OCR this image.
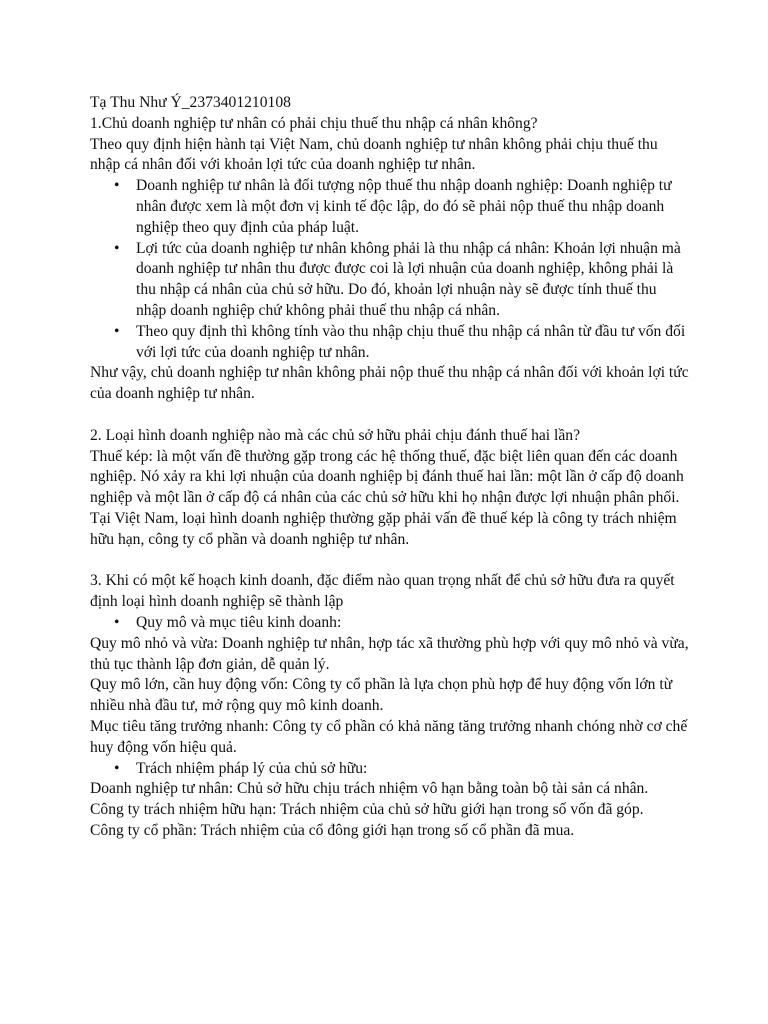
Tạ Thu Như Ý_2373401210108

1.Chủ doanh nghiệp tư nhân có phải chịu thuế thu nhập cá nhân không?

Theo quy định hiện hành tại Việt Nam, chủ doanh nghiệp tư nhân không phải chịu thuế thu nhập cá nhân đối với khoản lợi tức của doanh nghiệp tư nhân.

• Doanh nghiệp tư nhân là đối tượng nộp thuế thu nhập doanh nghiệp: Doanh nghiệp tư nhân được xem là một đơn vị kinh tế độc lập, do đó sẽ phải nộp thuế thu nhập doanh nghiệp theo quy định của pháp luật.
• Lợi tức của doanh nghiệp tư nhân không phải là thu nhập cá nhân: Khoản lợi nhuận mà doanh nghiệp tư nhân thu được được coi là lợi nhuận của doanh nghiệp, không phải là thu nhập cá nhân của chủ sở hữu. Do đó, khoản lợi nhuận này sẽ được tính thuế thu nhập doanh nghiệp chứ không phải thuế thu nhập cá nhân.
• Theo quy định thì không tính vào thu nhập chịu thuế thu nhập cá nhân từ đầu tư vốn đối với lợi tức của doanh nghiệp tư nhân.

Như vậy, chủ doanh nghiệp tư nhân không phải nộp thuế thu nhập cá nhân đối với khoản lợi tức của doanh nghiệp tư nhân.

2. Loại hình doanh nghiệp nào mà các chủ sở hữu phải chịu đánh thuế hai lần?

Thuế kép: là một vấn đề thường gặp trong các hệ thống thuế, đặc biệt liên quan đến các doanh nghiệp. Nó xảy ra khi lợi nhuận của doanh nghiệp bị đánh thuế hai lần: một lần ở cấp độ doanh nghiệp và một lần ở cấp độ cá nhân của các chủ sở hữu khi họ nhận được lợi nhuận phân phối.

Tại Việt Nam, loại hình doanh nghiệp thường gặp phải vấn đề thuế kép là công ty trách nhiệm hữu hạn, công ty cổ phần và doanh nghiệp tư nhân.

3. Khi có một kế hoạch kinh doanh, đặc điểm nào quan trọng nhất để chủ sở hữu đưa ra quyết định loại hình doanh nghiệp sẽ thành lập

• Quy mô và mục tiêu kinh doanh:

Quy mô nhỏ và vừa: Doanh nghiệp tư nhân, hợp tác xã thường phù hợp với quy mô nhỏ và vừa, thủ tục thành lập đơn giản, dễ quản lý.

Quy mô lớn, cần huy động vốn: Công ty cổ phần là lựa chọn phù hợp để huy động vốn lớn từ nhiều nhà đầu tư, mở rộng quy mô kinh doanh.

Mục tiêu tăng trưởng nhanh: Công ty cổ phần có khả năng tăng trưởng nhanh chóng nhờ cơ chế huy động vốn hiệu quả.

• Trách nhiệm pháp lý của chủ sở hữu:

Doanh nghiệp tư nhân: Chủ sở hữu chịu trách nhiệm vô hạn bằng toàn bộ tài sản cá nhân.

Công ty trách nhiệm hữu hạn: Trách nhiệm của chủ sở hữu giới hạn trong số vốn đã góp.

Công ty cổ phần: Trách nhiệm của cổ đông giới hạn trong số cổ phần đã mua.
